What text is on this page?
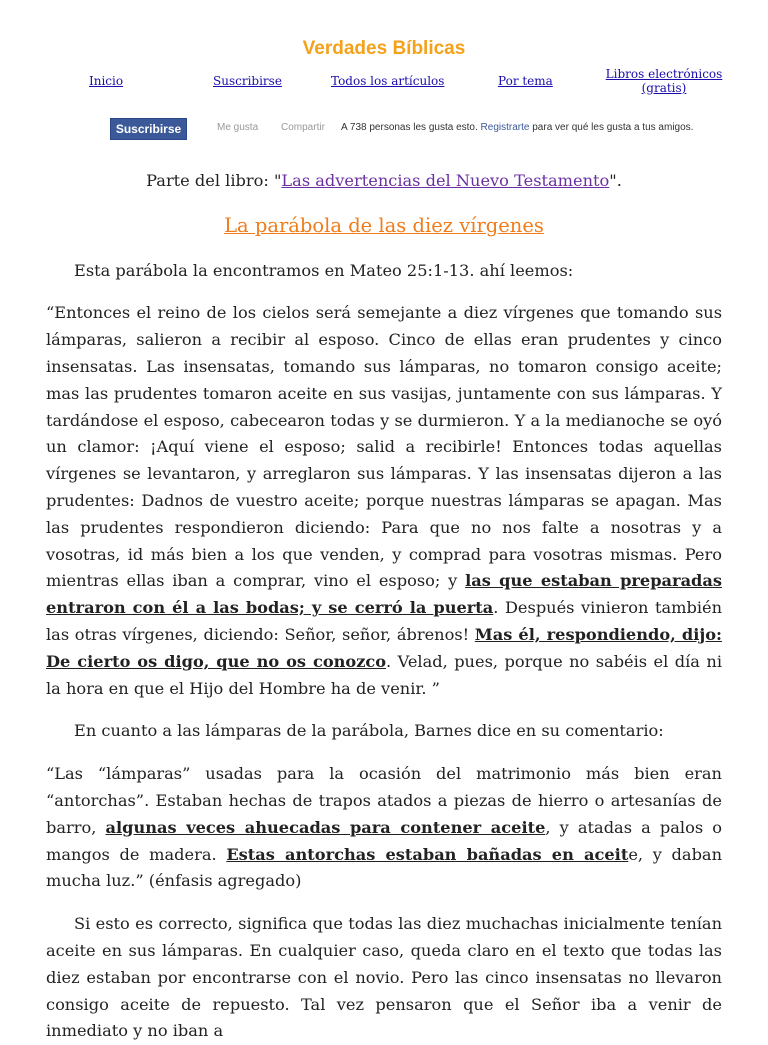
Verdades Bíblicas
Inicio	Suscribirse	Todos los artículos	Por tema	Libros electrónicos
(gratis)
Suscribirse	Me gusta Compartir A 738 personas les gusta esto. Registrarte para ver qué les gusta a tus amigos.

Parte del libro: "Las advertencias del Nuevo Testamento".

La parábola de las diez vírgenes

Esta parábola la encontramos en Mateo 25:1-13. ahí leemos:

“Entonces el reino de los cielos será semejante a diez vírgenes que tomando sus lámparas, salieron a recibir al esposo. Cinco de ellas eran prudentes y cinco insensatas. Las insensatas, tomando sus lámparas, no tomaron consigo aceite; mas las prudentes tomaron aceite en sus vasijas, juntamente con sus lámparas. Y tardándose el esposo, cabecearon todas y se durmieron. Y a la medianoche se oyó un clamor: ¡Aquí viene el esposo; salid a recibirle! Entonces todas aquellas vírgenes se levantaron, y arreglaron sus lámparas. Y las insensatas dijeron a las prudentes: Dadnos de vuestro aceite; porque nuestras lámparas se apagan. Mas las prudentes respondieron diciendo: Para que no nos falte a nosotras y a vosotras, id más bien a los que venden, y comprad para vosotras mismas. Pero mientras ellas iban a comprar, vino el esposo; y las que estaban preparadas entraron con él a las bodas; y se cerró la puerta. Después vinieron también las otras vírgenes, diciendo: Señor, señor, ábrenos! Mas él, respondiendo, dijo: De cierto os digo, que no os conozco. Velad, pues, porque no sabéis el día ni la hora en que el Hijo del Hombre ha de venir. ”

En cuanto a las lámparas de la parábola, Barnes dice en su comentario:

“Las “lámparas” usadas para la ocasión del matrimonio más bien eran “antorchas”. Estaban hechas de trapos atados a piezas de hierro o artesanías de barro, algunas veces ahuecadas para contener aceite, y atadas a palos o mangos de madera. Estas antorchas estaban bañadas en aceite, y daban mucha luz.” (énfasis agregado)

Si esto es correcto, significa que todas las diez muchachas inicialmente tenían aceite en sus lámparas. En cualquier caso, queda claro en el texto que todas las diez estaban por encontrarse con el novio. Pero las cinco insensatas no llevaron consigo aceite de repuesto. Tal vez pensaron que el Señor iba a venir de inmediato y no iban a
